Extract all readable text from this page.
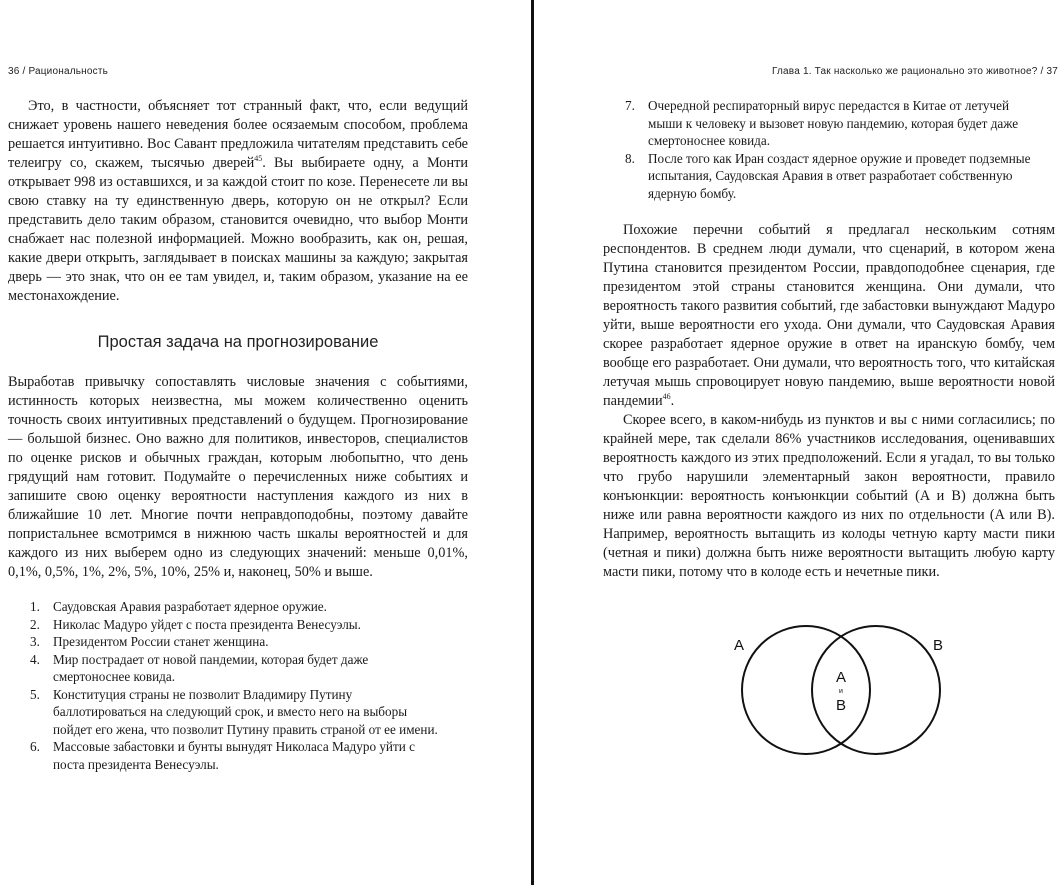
36 / Рациональность

Это, в частности, объясняет тот странный факт, что, если ведущий снижает уровень нашего неведения более осязаемым способом, проблема решается интуитивно. Вос Савант предложила читателям представить себе телеигру со, скажем, тысячью дверей$^{45}$. Вы выбираете одну, а Монти открывает 998 из оставшихся, и за каждой стоит по козе. Перенесете ли вы свою ставку на ту единственную дверь, которую он не открыл? Если представить дело таким образом, становится очевидно, что выбор Монти снабжает нас полезной информацией. Можно вообразить, как он, решая, какие двери открыть, заглядывает в поисках машины за каждую; закрытая дверь — это знак, что он ее там увидел, и, таким образом, указание на ее местонахождение.

Простая задача на прогнозирование

Выработав привычку сопоставлять числовые значения с событиями, истинность которых неизвестна, мы можем количественно оценить точность своих интуитивных представлений о будущем. Прогнозирование — большой бизнес. Оно важно для политиков, инвесторов, специалистов по оценке рисков и обычных граждан, которым любопытно, что день грядущий нам готовит. Подумайте о перечисленных ниже событиях и запишите свою оценку вероятности наступления каждого из них в ближайшие 10 лет. Многие почти неправдоподобны, поэтому давайте попристальнее всмотримся в нижнюю часть шкалы вероятностей и для каждого из них выберем одно из следующих значений: меньше 0,01%, 0,1%, 0,5%, 1%, 2%, 5%, 10%, 25% и, наконец, 50% и выше.

1. Саудовская Аравия разработает ядерное оружие.
2. Николас Мадуро уйдет с поста президента Венесуэлы.
3. Президентом России станет женщина.
4. Мир пострадает от новой пандемии, которая будет даже смертоноснее ковида.
5. Конституция страны не позволит Владимиру Путину баллотироваться на следующий срок, и вместо него на выборы пойдет его жена, что позволит Путину править страной от ее имени.
6. Массовые забастовки и бунты вынудят Николаса Мадуро уйти с поста президента Венесуэлы.
Глава 1. Так насколько же рационально это животное? / 37
7. Очередной респираторный вирус передастся в Китае от летучей мыши к человеку и вызовет новую пандемию, которая будет даже смертоноснее ковида.
8. После того как Иран создаст ядерное оружие и проведет подземные испытания, Саудовская Аравия в ответ разработает собственную ядерную бомбу.

Похожие перечни событий я предлагал нескольким сотням респондентов. В среднем люди думали, что сценарий, в котором жена Путина становится президентом России, правдоподобнее сценария, где президентом этой страны становится женщина. Они думали, что вероятность такого развития событий, где забастовки вынуждают Мадуро уйти, выше вероятности его ухода. Они думали, что Саудовская Аравия скорее разработает ядерное оружие в ответ на иранскую бомбу, чем вообще его разработает. Они думали, что вероятность того, что китайская летучая мышь спровоцирует новую пандемию, выше вероятности новой пандемии$^{46}$.

Скорее всего, в каком-нибудь из пунктов и вы с ними согласились; по крайней мере, так сделали 86% участников исследования, оценивавших вероятность каждого из этих предположений. Если я угадал, то вы только что грубо нарушили элементарный закон вероятности, правило конъюнкции: вероятность конъюнкции событий (A и B) должна быть ниже или равна вероятности каждого из них по отдельности (A или B). Например, вероятность вытащить из колоды четную карту масти пики (четная и пики) должна быть ниже вероятности вытащить любую карту масти пики, потому что в колоде есть и нечетные пики.

A	B
A
и
B
